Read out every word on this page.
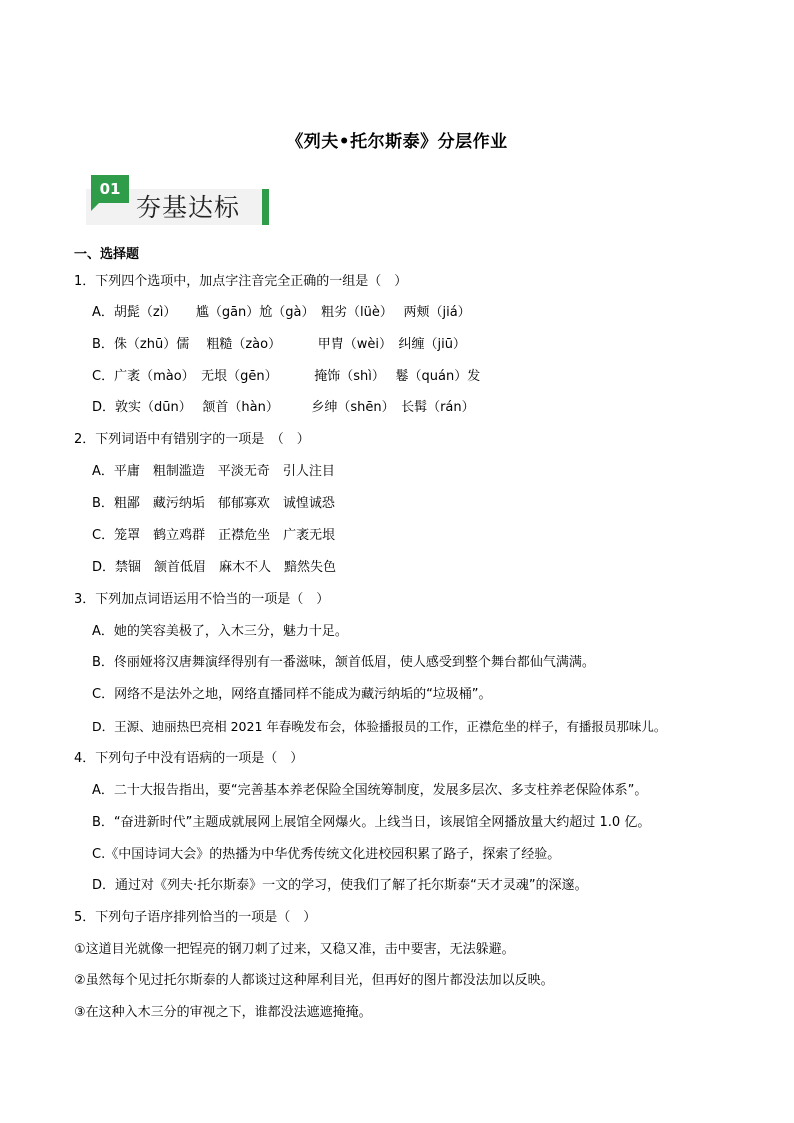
《列夫•托尔斯泰》分层作业
01
夯基达标
一、选择题
1．下列四个选项中，加点字注音完全正确的一组是（　）
A．胡髭（zì）　　尴（gān）尬（gà）　粗劣（lüè）　 两颊（jiá）
B．侏（zhū）儒　 粗糙（zào）　　　 甲胄（wèi）　纠缠（jiū）
C．广袤（mào）　无垠（gēn）　　　 掩饰（shì）　 鬈（quán）发
D．敦实（dūn）　 颔首（hàn）　　　乡绅（shēn）　长髯（rán）
2．下列词语中有错别字的一项是　（　）
A．平庸　粗制滥造　平淡无奇　引人注目
B．粗鄙　藏污纳垢　郁郁寡欢　诚惶诚恐
C．笼罩　鹤立鸡群　正襟危坐　广袤无垠
D．禁锢　颔首低眉　麻木不人　黯然失色
3．下列加点词语运用不恰当的一项是（　）
A．她的笑容美极了，入木三分，魅力十足。
B．佟丽娅将汉唐舞演绎得别有一番滋味，颔首低眉，使人感受到整个舞台都仙气满满。
C．网络不是法外之地，网络直播同样不能成为藏污纳垢的“垃圾桶”。
D．王源、迪丽热巴亮相 2021 年春晚发布会，体验播报员的工作，正襟危坐的样子，有播报员那味儿。
4．下列句子中没有语病的一项是（　）
A．二十大报告指出，要“完善基本养老保险全国统筹制度，发展多层次、多支柱养老保险体系”。
B．“奋进新时代”主题成就展网上展馆全网爆火。上线当日，该展馆全网播放量大约超过 1.0 亿。
C.《中国诗词大会》的热播为中华优秀传统文化进校园积累了路子，探索了经验。
D．通过对《列夫·托尔斯泰》一文的学习，使我们了解了托尔斯泰“天才灵魂”的深邃。
5．下列句子语序排列恰当的一项是（　）
①这道目光就像一把锃亮的钢刀刺了过来，又稳又准，击中要害，无法躲避。
②虽然每个见过托尔斯泰的人都谈过这种犀利目光，但再好的图片都没法加以反映。
③在这种入木三分的审视之下，谁都没法遮遮掩掩。
